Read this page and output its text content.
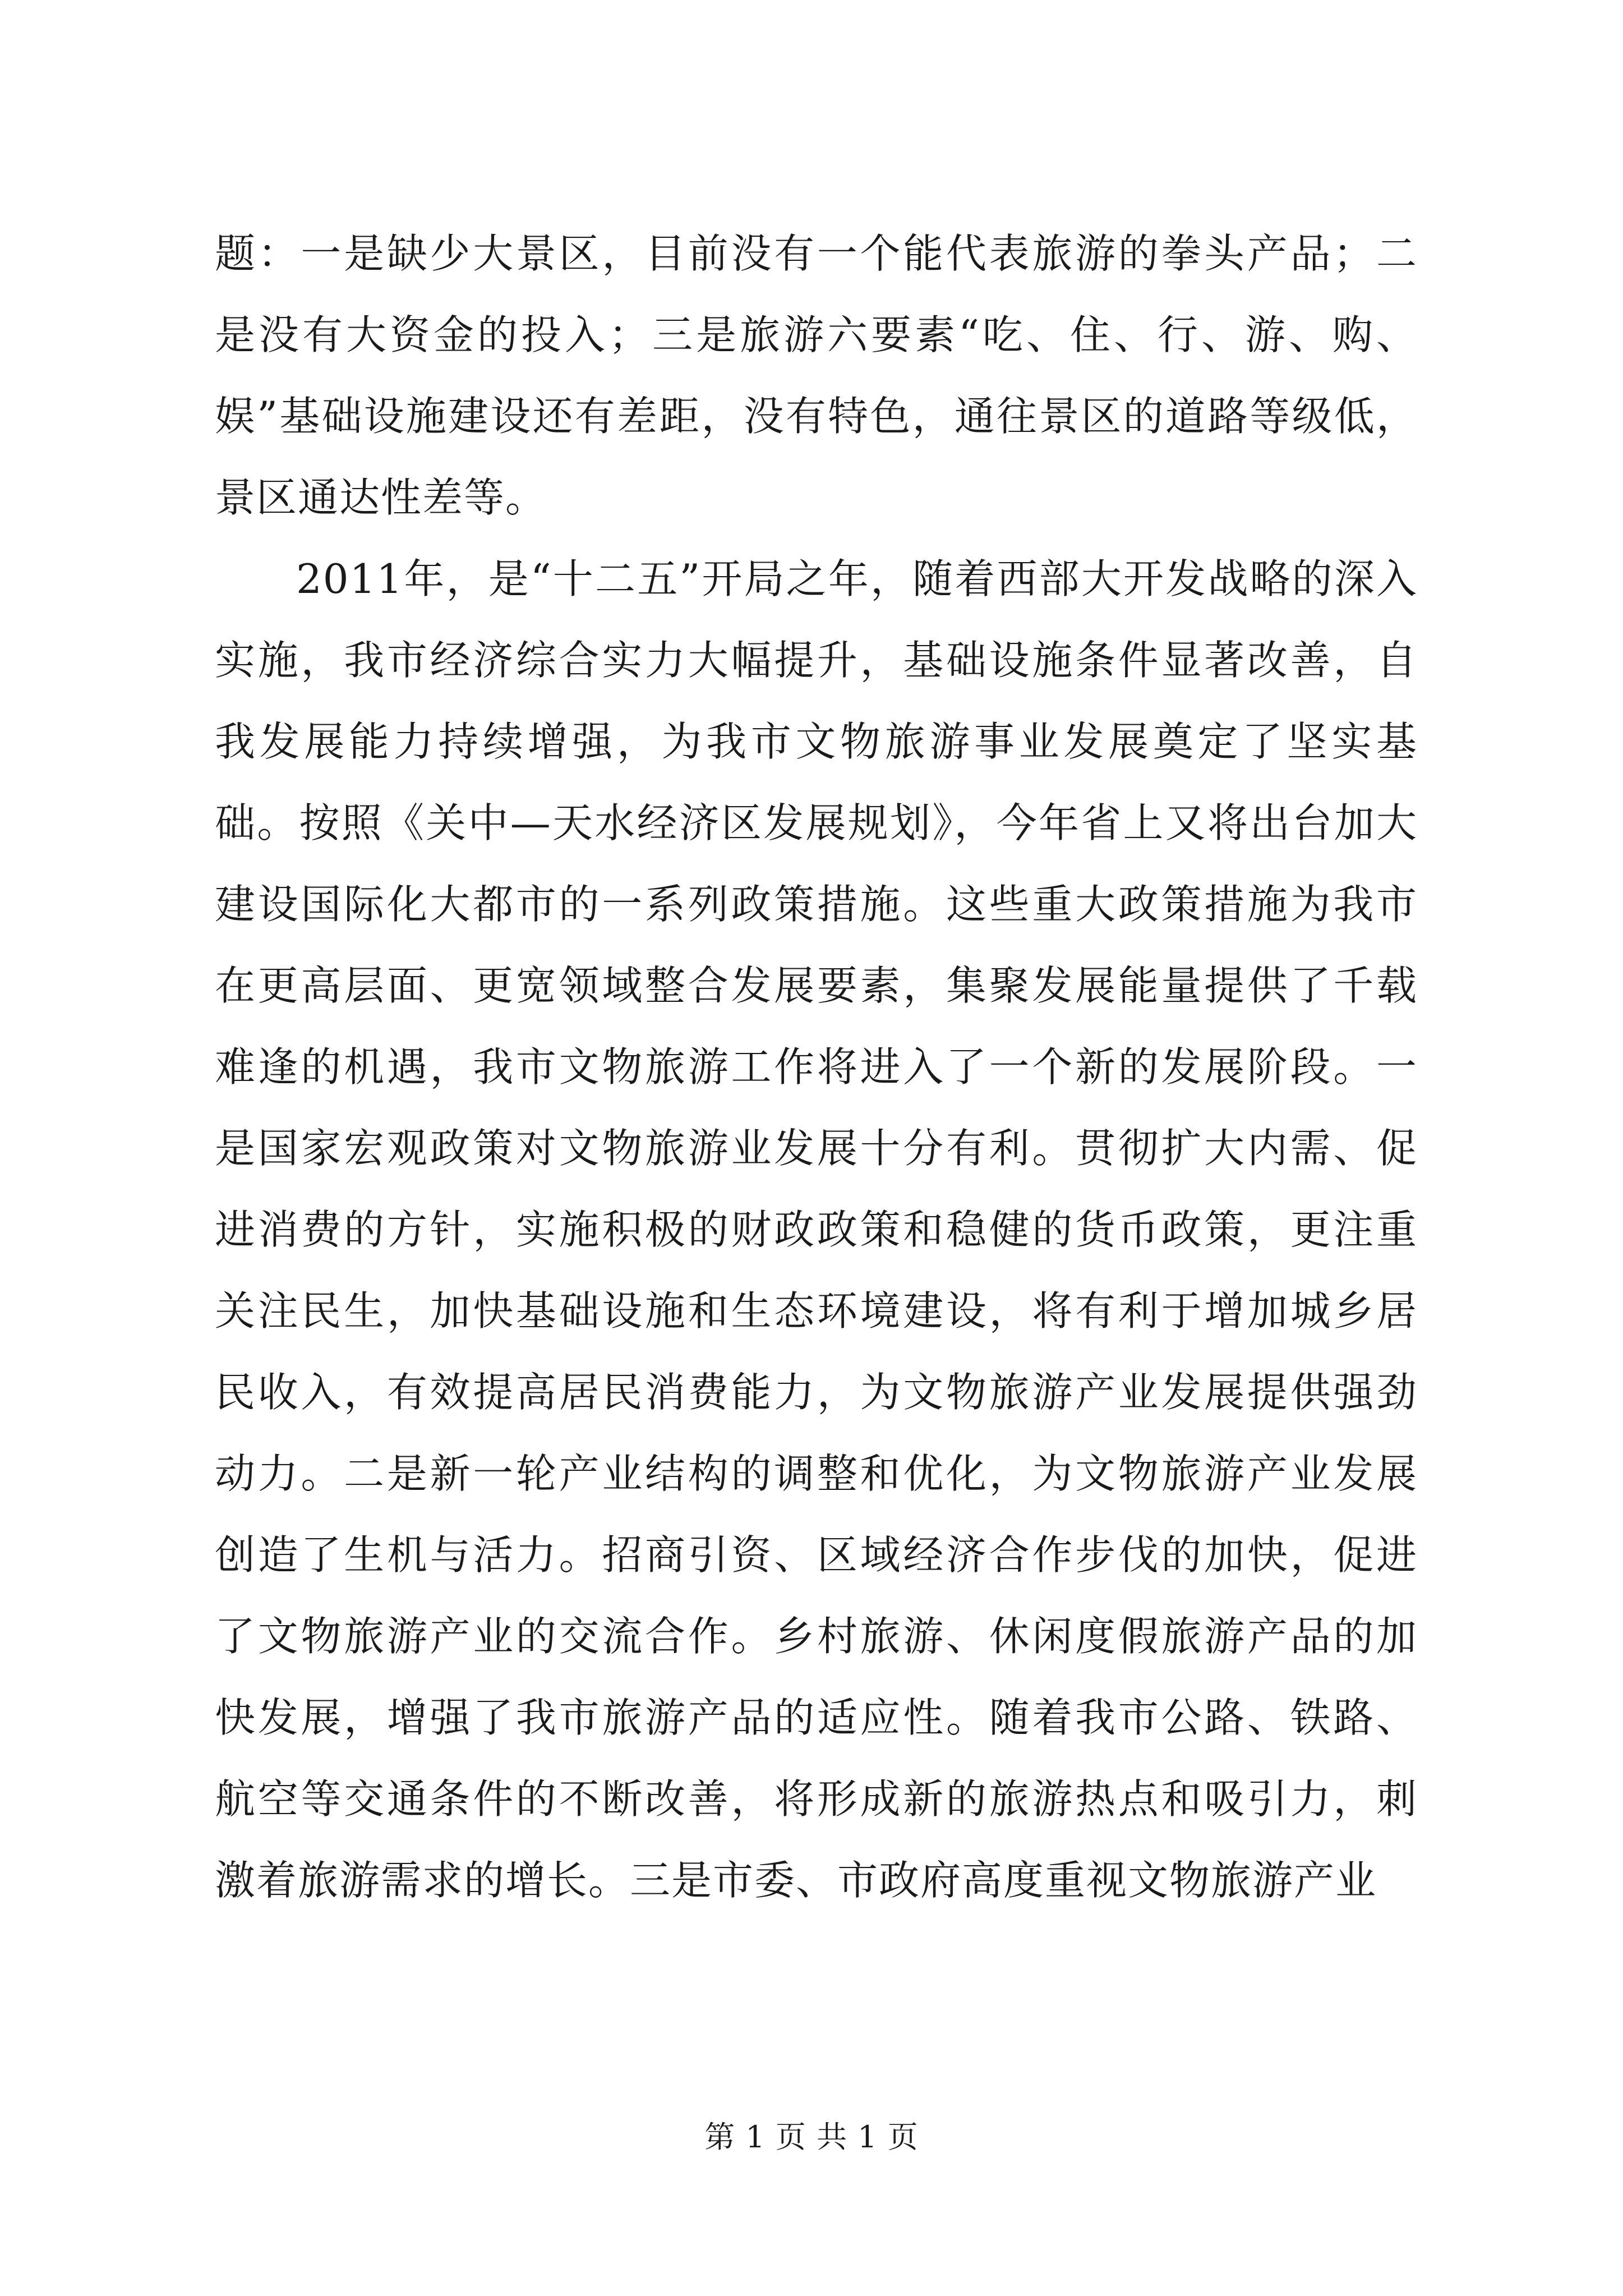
题：一是缺少大景区，目前没有一个能代表旅游的拳头产品；二是没有大资金的投入；三是旅游六要素“吃、住、行、游、购、娱”基础设施建设还有差距，没有特色，通往景区的道路等级低，景区通达性差等。

2011年，是“十二五”开局之年，随着西部大开发战略的深入实施，我市经济综合实力大幅提升，基础设施条件显著改善，自我发展能力持续增强，为我市文物旅游事业发展奠定了坚实基础。按照《关中—天水经济区发展规划》，今年省上又将出台加大建设国际化大都市的一系列政策措施。这些重大政策措施为我市在更高层面、更宽领域整合发展要素，集聚发展能量提供了千载难逢的机遇，我市文物旅游工作将进入了一个新的发展阶段。一是国家宏观政策对文物旅游业发展十分有利。贯彻扩大内需、促进消费的方针，实施积极的财政政策和稳健的货币政策，更注重关注民生，加快基础设施和生态环境建设，将有利于增加城乡居民收入，有效提高居民消费能力，为文物旅游产业发展提供强劲动力。二是新一轮产业结构的调整和优化，为文物旅游产业发展创造了生机与活力。招商引资、区域经济合作步伐的加快，促进了文物旅游产业的交流合作。乡村旅游、休闲度假旅游产品的加快发展，增强了我市旅游产品的适应性。随着我市公路、铁路、航空等交通条件的不断改善，将形成新的旅游热点和吸引力，刺激着旅游需求的增长。三是市委、市政府高度重视文物旅游产业

第 1 页 共 1 页
